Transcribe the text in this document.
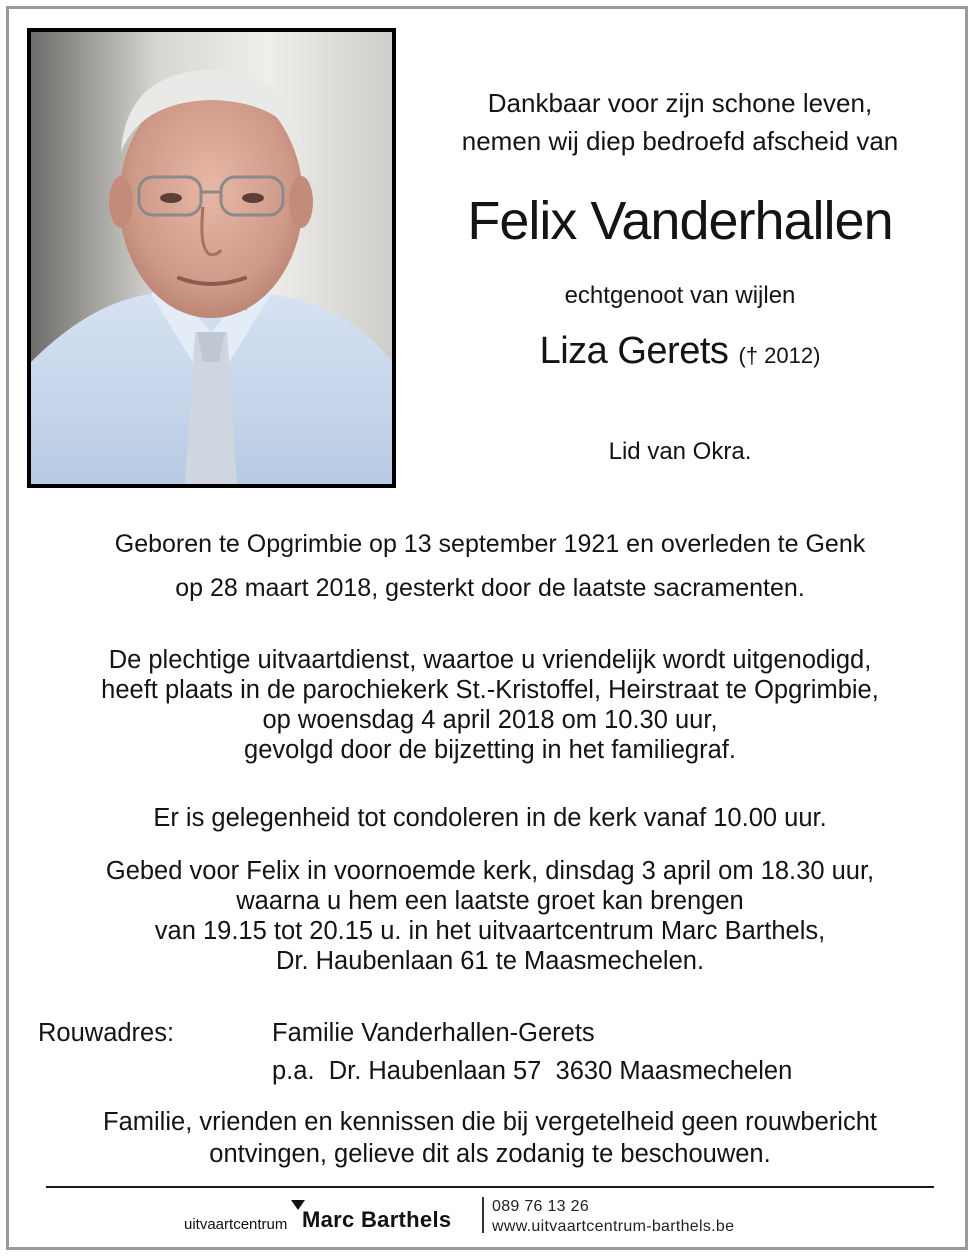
Dankbaar voor zijn schone leven,
nemen wij diep bedroefd afscheid van
Felix Vanderhallen
echtgenoot van wijlen
Liza Gerets († 2012)
Lid van Okra.
Geboren te Opgrimbie op 13 september 1921 en overleden te Genk
op 28 maart 2018, gesterkt door de laatste sacramenten.
De plechtige uitvaartdienst, waartoe u vriendelijk wordt uitgenodigd,
heeft plaats in de parochiekerk St.-Kristoffel, Heirstraat te Opgrimbie,
op woensdag 4 april 2018 om 10.30 uur,
gevolgd door de bijzetting in het familiegraf.
Er is gelegenheid tot condoleren in de kerk vanaf 10.00 uur.
Gebed voor Felix in voornoemde kerk, dinsdag 3 april om 18.30 uur,
waarna u hem een laatste groet kan brengen
van 19.15 tot 20.15 u. in het uitvaartcentrum Marc Barthels,
Dr. Haubenlaan 61 te Maasmechelen.
Rouwadres:	Familie Vanderhallen-Gerets
p.a.  Dr. Haubenlaan 57  3630 Maasmechelen
Familie, vrienden en kennissen die bij vergetelheid geen rouwbericht
ontvingen, gelieve dit als zodanig te beschouwen.
uitvaartcentrum Marc Barthels
089 76 13 26
www.uitvaartcentrum-barthels.be
